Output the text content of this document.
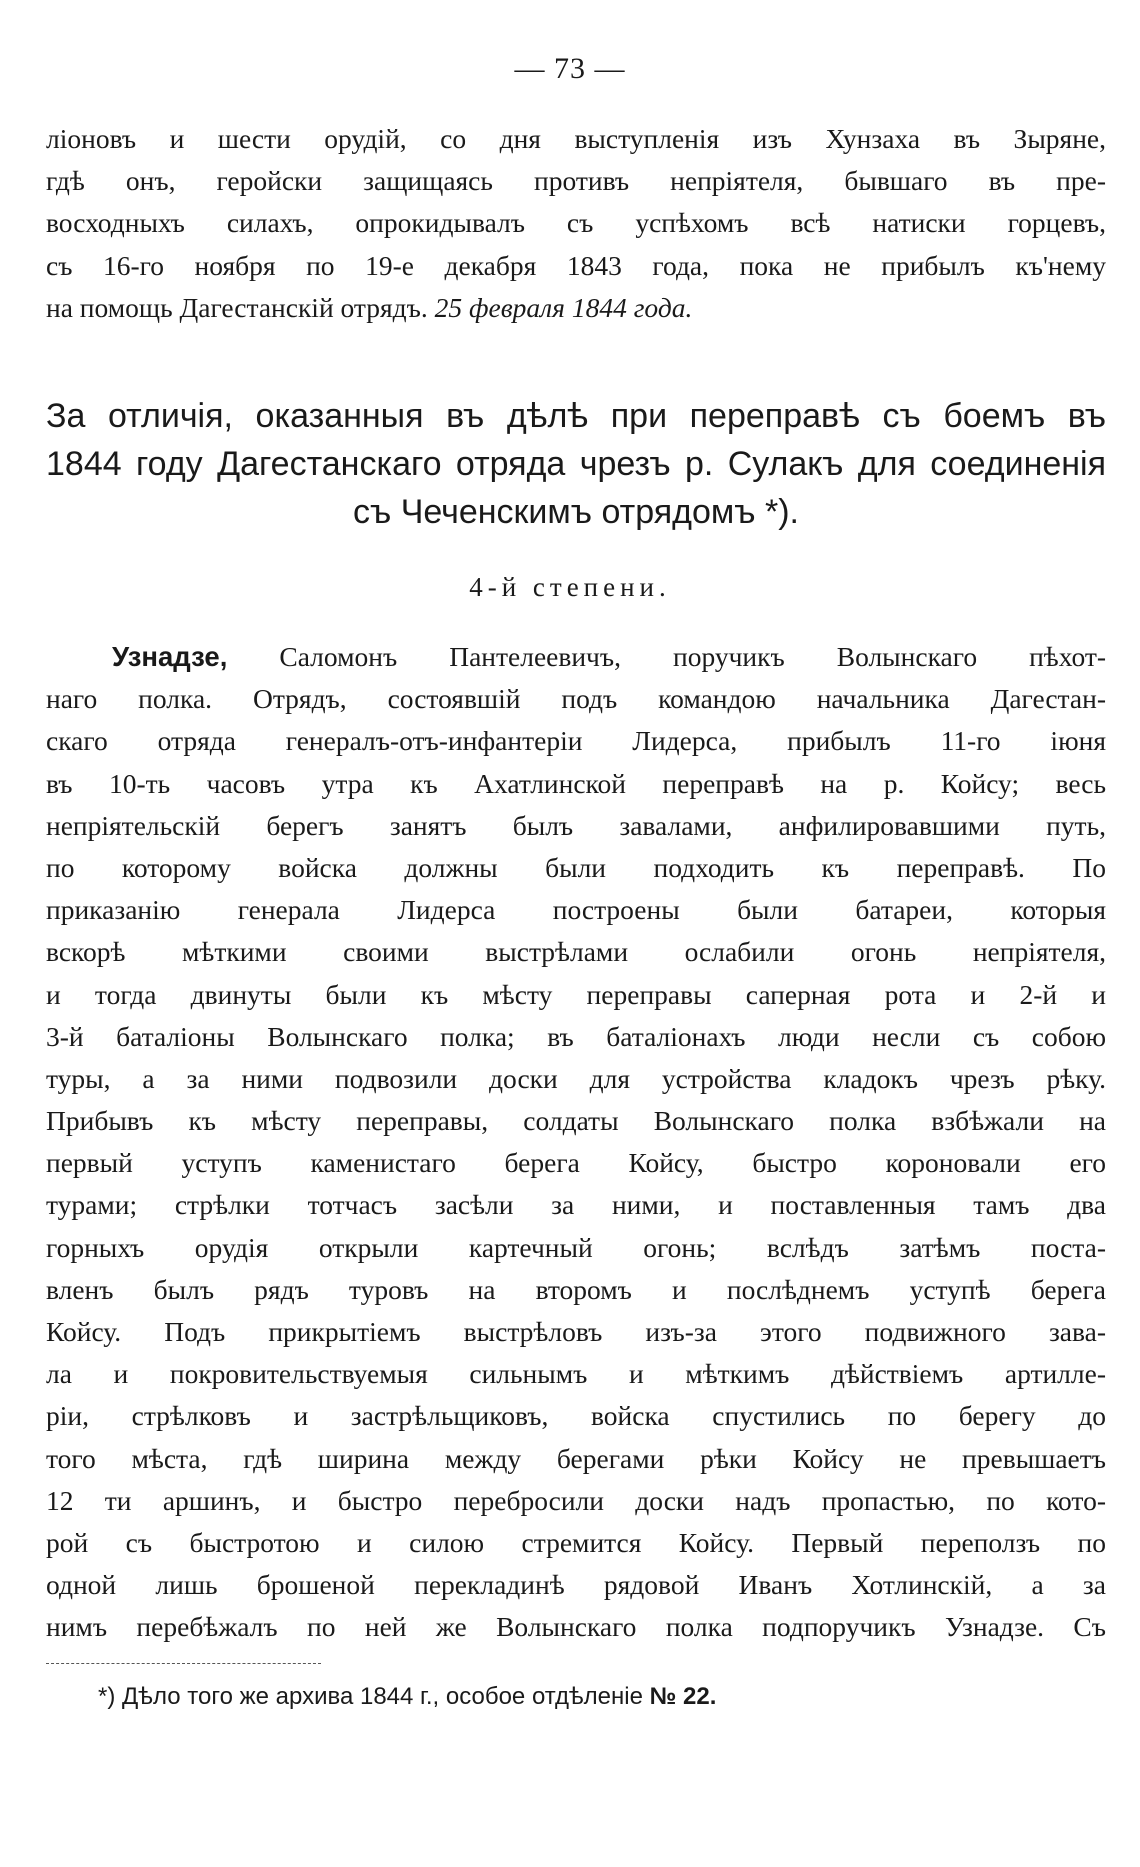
— 73 —
ліоновъ и шести орудій, со дня выступленія изъ Хунзаха въ Зыряне,
гдѣ онъ, геройски защищаясь противъ непріятеля, бывшаго въ пре-
восходныхъ силахъ, опрокидывалъ съ успѣхомъ всѣ натиски горцевъ,
съ 16-го ноября по 19-е декабря 1843 года, пока не прибылъ къ'нему
на помощь Дагестанскій отрядъ. 25 февраля 1844 года.
За отличія, оказанныя въ дѣлѣ при переправѣ съ боемъ въ
1844 году Дагестанскаго отряда чрезъ р. Сулакъ для соединенія
съ Чеченскимъ отрядомъ *).
4-й степени.
Узнадзе, Саломонъ Пантелеевичъ, поручикъ Волынскаго пѣхот-
наго полка. Отрядъ, состоявшій подъ командою начальника Дагестан-
скаго отряда генералъ-отъ-инфантеріи Лидерса, прибылъ 11-го іюня
въ 10-ть часовъ утра къ Ахатлинской переправѣ на р. Койсу; весь
непріятельскій берегъ занятъ былъ завалами, анфилировавшими путь,
по которому войска должны были подходить къ переправѣ. По
приказанію генерала Лидерса построены были батареи, которыя
вскорѣ мѣткими своими выстрѣлами ослабили огонь непріятеля,
и тогда двинуты были къ мѣсту переправы саперная рота и 2-й и
3-й баталіоны Волынскаго полка; въ баталіонахъ люди несли съ собою
туры, а за ними подвозили доски для устройства кладокъ чрезъ рѣку.
Прибывъ къ мѣсту переправы, солдаты Волынскаго полка взбѣжали на
первый уступъ каменистаго берега Койсу, быстро короновали его
турами; стрѣлки тотчасъ засѣли за ними, и поставленныя тамъ два
горныхъ орудія открыли картечный огонь; вслѣдъ затѣмъ поста-
вленъ былъ рядъ туровъ на второмъ и послѣднемъ уступѣ берега
Койсу. Подъ прикрытіемъ выстрѣловъ изъ-за этого подвижного зава-
ла и покровительствуемыя сильнымъ и мѣткимъ дѣйствіемъ артилле-
ріи, стрѣлковъ и застрѣльщиковъ, войска спустились по берегу до
того мѣста, гдѣ ширина между берегами рѣки Койсу не превышаетъ
12 ти аршинъ, и быстро перебросили доски надъ пропастью, по кото-
рой съ быстротою и силою стремится Койсу. Первый переползъ по
одной лишь брошеной перекладинѣ рядовой Иванъ Хотлинскій, а за
нимъ перебѣжалъ по ней же Волынскаго полка подпоручикъ Узнадзе. Съ
*) Дѣло того же архива 1844 г., особое отдѣленіе № 22.
